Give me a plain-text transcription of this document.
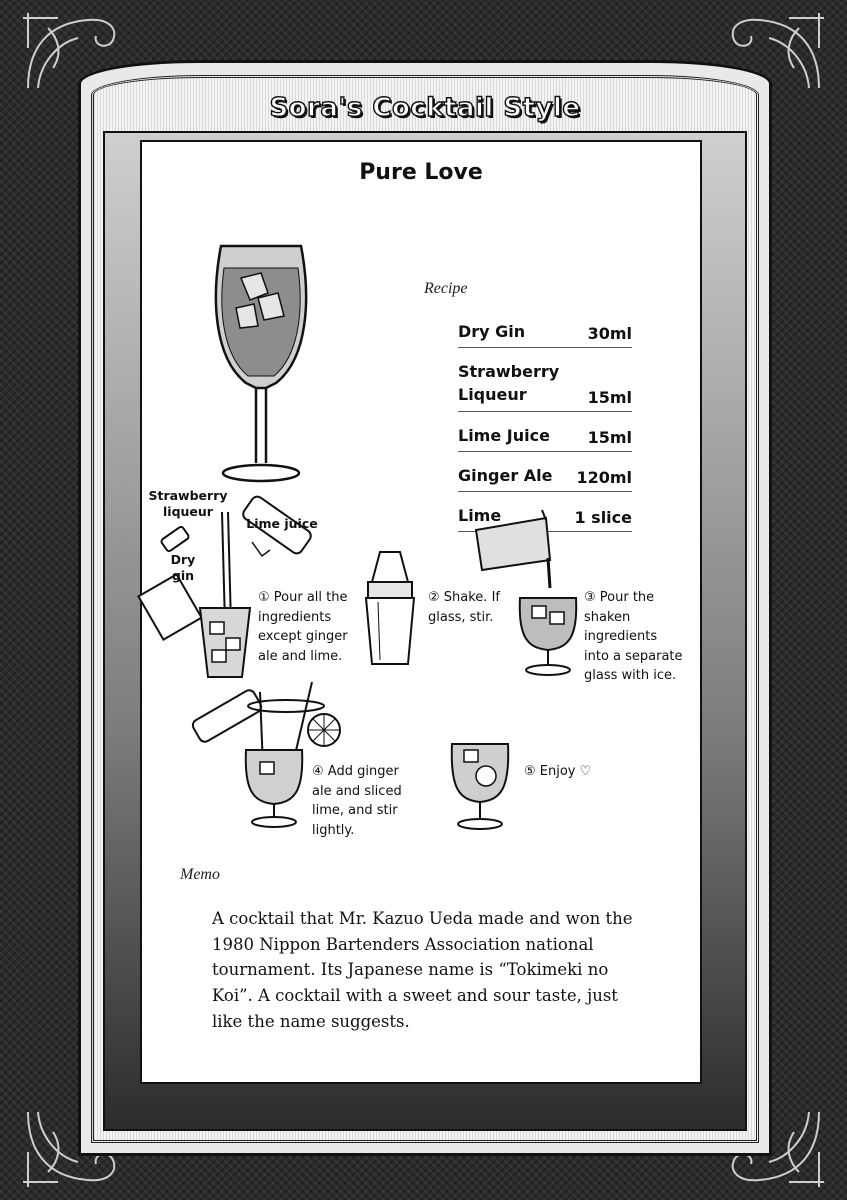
Sora's Cocktail Style
Pure Love
Recipe
Dry Gin	30ml
Strawberry Liqueur	15ml
Lime Juice 15ml
Ginger Ale 120ml
Lime	1 slice
Strawberry liqueur
Lime juice
Dry gin
① Pour all the ingredients except ginger ale and lime.
② Shake. If glass, stir.
③ Pour the shaken ingredients into a separate glass with ice.
④ Add ginger ale and sliced lime, and stir lightly.
⑤ Enjoy ♡
Memo
A cocktail that Mr. Kazuo Ueda made and won the 1980 Nippon Bartenders Association national tournament. Its Japanese name is “Tokimeki no Koi”. A cocktail with a sweet and sour taste, just like the name suggests.
